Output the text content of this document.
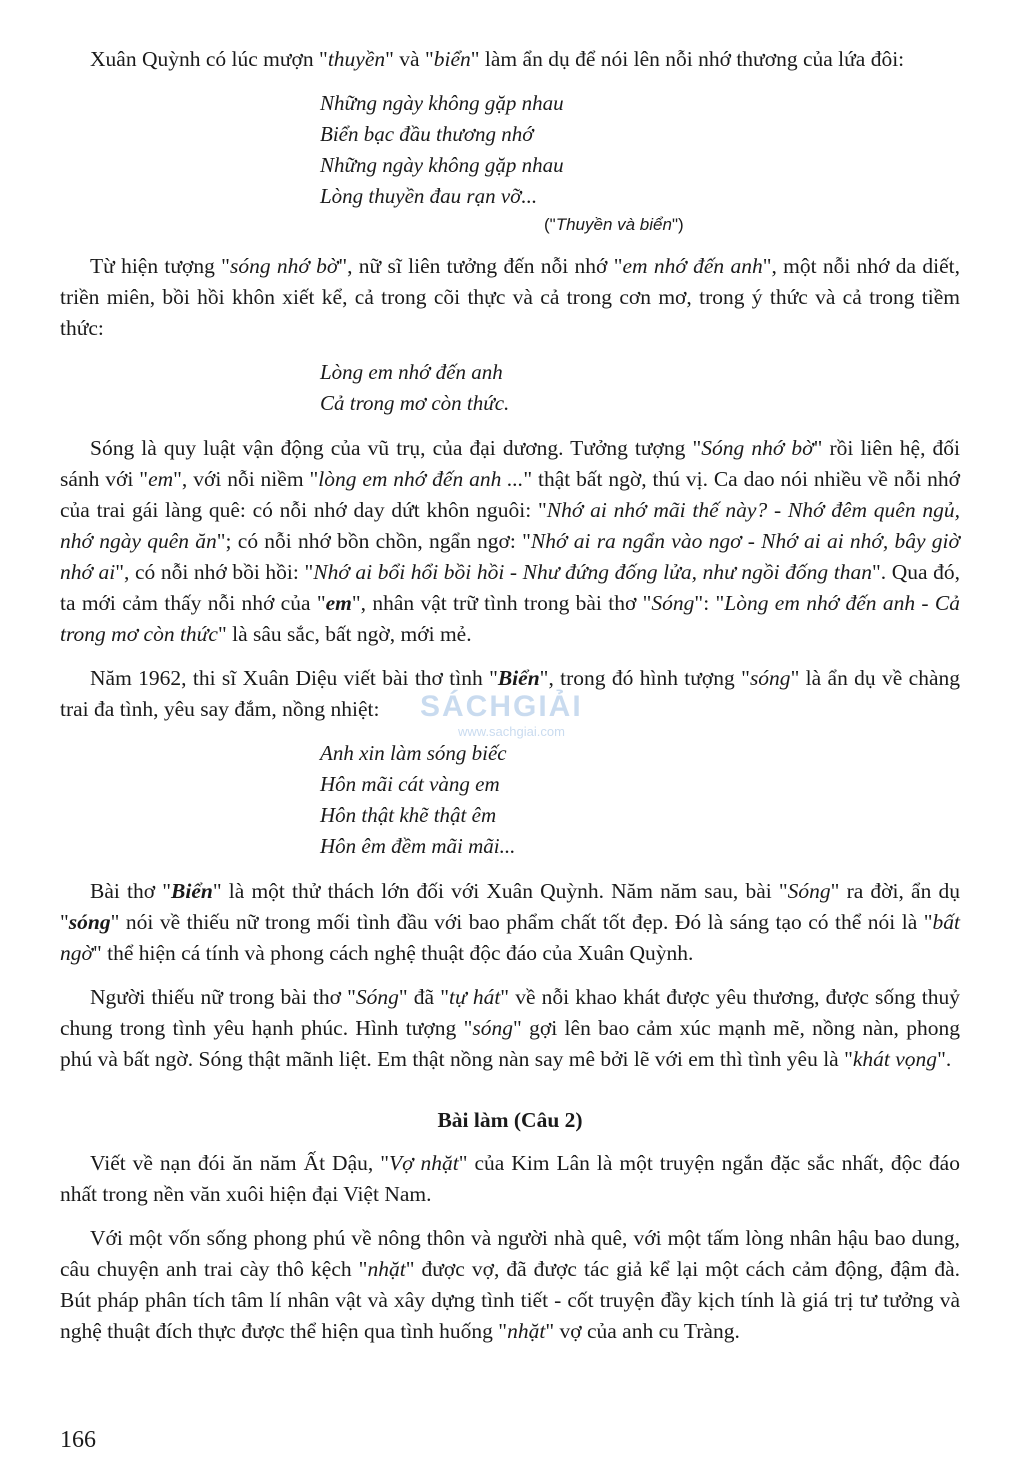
Xuân Quỳnh có lúc mượn "thuyền" và "biển" làm ẩn dụ để nói lên nỗi nhớ thương của lứa đôi:

Những ngày không gặp nhau
Biển bạc đầu thương nhớ
Những ngày không gặp nhau
Lòng thuyền đau rạn vỡ...
("Thuyền và biển")

Từ hiện tượng "sóng nhớ bờ", nữ sĩ liên tưởng đến nỗi nhớ "em nhớ đến anh", một nỗi nhớ da diết, triền miên, bồi hồi khôn xiết kể, cả trong cõi thực và cả trong cơn mơ, trong ý thức và cả trong tiềm thức:

Lòng em nhớ đến anh
Cả trong mơ còn thức.

Sóng là quy luật vận động của vũ trụ, của đại dương. Tưởng tượng "Sóng nhớ bờ" rồi liên hệ, đối sánh với "em", với nỗi niềm "lòng em nhớ đến anh ..." thật bất ngờ, thú vị. Ca dao nói nhiều về nỗi nhớ của trai gái làng quê: có nỗi nhớ day dứt khôn nguôi: "Nhớ ai nhớ mãi thế này? - Nhớ đêm quên ngủ, nhớ ngày quên ăn"; có nỗi nhớ bồn chồn, ngẩn ngơ: "Nhớ ai ra ngẩn vào ngơ - Nhớ ai ai nhớ, bây giờ nhớ ai", có nỗi nhớ bồi hồi: "Nhớ ai bổi hổi bồi hồi - Như đứng đống lửa, như ngồi đống than". Qua đó, ta mới cảm thấy nỗi nhớ của "em", nhân vật trữ tình trong bài thơ "Sóng": "Lòng em nhớ đến anh - Cả trong mơ còn thức" là sâu sắc, bất ngờ, mới mẻ.

Năm 1962, thi sĩ Xuân Diệu viết bài thơ tình "Biển", trong đó hình tượng "sóng" là ẩn dụ về chàng trai đa tình, yêu say đắm, nồng nhiệt:

Anh xin làm sóng biếc
Hôn mãi cát vàng em
Hôn thật khẽ thật êm
Hôn êm đềm mãi mãi...

Bài thơ "Biển" là một thử thách lớn đối với Xuân Quỳnh. Năm năm sau, bài "Sóng" ra đời, ẩn dụ "sóng" nói về thiếu nữ trong mối tình đầu với bao phẩm chất tốt đẹp. Đó là sáng tạo có thể nói là "bất ngờ" thể hiện cá tính và phong cách nghệ thuật độc đáo của Xuân Quỳnh.

Người thiếu nữ trong bài thơ "Sóng" đã "tự hát" về nỗi khao khát được yêu thương, được sống thuỷ chung trong tình yêu hạnh phúc. Hình tượng "sóng" gợi lên bao cảm xúc mạnh mẽ, nồng nàn, phong phú và bất ngờ. Sóng thật mãnh liệt. Em thật nồng nàn say mê bởi lẽ với em thì tình yêu là "khát vọng".

Bài làm (Câu 2)

Viết về nạn đói ăn năm Ất Dậu, "Vợ nhặt" của Kim Lân là một truyện ngắn đặc sắc nhất, độc đáo nhất trong nền văn xuôi hiện đại Việt Nam.

Với một vốn sống phong phú về nông thôn và người nhà quê, với một tấm lòng nhân hậu bao dung, câu chuyện anh trai cày thô kệch "nhặt" được vợ, đã được tác giả kể lại một cách cảm động, đậm đà. Bút pháp phân tích tâm lí nhân vật và xây dựng tình tiết - cốt truyện đầy kịch tính là giá trị tư tưởng và nghệ thuật đích thực được thể hiện qua tình huống "nhặt" vợ của anh cu Tràng.

SÁCHGIẢI
www.sachgiai.com
166
